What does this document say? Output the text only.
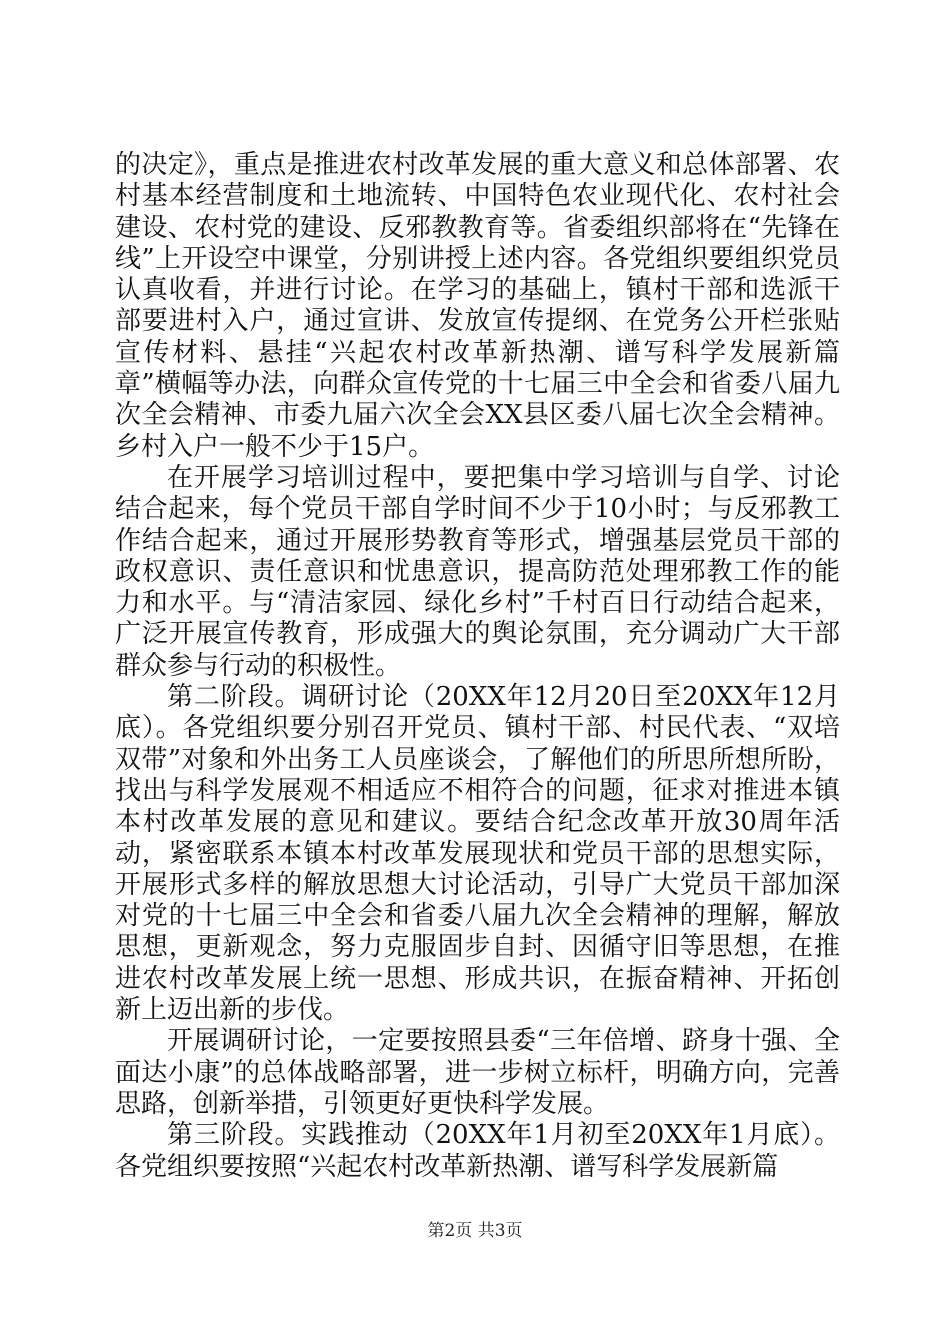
的决定》，重点是推进农村改革发展的重大意义和总体部署、农村基本经营制度和土地流转、中国特色农业现代化、农村社会建设、农村党的建设、反邪教教育等。省委组织部将在“先锋在线”上开设空中课堂，分别讲授上述内容。各党组织要组织党员认真收看，并进行讨论。在学习的基础上，镇村干部和选派干部要进村入户，通过宣讲、发放宣传提纲、在党务公开栏张贴宣传材料、悬挂“兴起农村改革新热潮、谱写科学发展新篇章”横幅等办法，向群众宣传党的十七届三中全会和省委八届九次全会精神、市委九届六次全会XX县区委八届七次全会精神。乡村入户一般不少于15户。

在开展学习培训过程中，要把集中学习培训与自学、讨论结合起来，每个党员干部自学时间不少于10小时；与反邪教工作结合起来，通过开展形势教育等形式，增强基层党员干部的政权意识、责任意识和忧患意识，提高防范处理邪教工作的能力和水平。与“清洁家园、绿化乡村”千村百日行动结合起来，广泛开展宣传教育，形成强大的舆论氛围，充分调动广大干部群众参与行动的积极性。

第二阶段。调研讨论（20XX年12月20日至20XX年12月底）。各党组织要分别召开党员、镇村干部、村民代表、“双培双带”对象和外出务工人员座谈会，了解他们的所思所想所盼，找出与科学发展观不相适应不相符合的问题，征求对推进本镇本村改革发展的意见和建议。要结合纪念改革开放30周年活动，紧密联系本镇本村改革发展现状和党员干部的思想实际，开展形式多样的解放思想大讨论活动，引导广大党员干部加深对党的十七届三中全会和省委八届九次全会精神的理解，解放思想，更新观念，努力克服固步自封、因循守旧等思想，在推进农村改革发展上统一思想、形成共识，在振奋精神、开拓创新上迈出新的步伐。

开展调研讨论，一定要按照县委“三年倍增、跻身十强、全面达小康”的总体战略部署，进一步树立标杆，明确方向，完善思路，创新举措，引领更好更快科学发展。

第三阶段。实践推动（20XX年1月初至20XX年1月底）。各党组织要按照“兴起农村改革新热潮、谱写科学发展新篇

第2页 共3页
